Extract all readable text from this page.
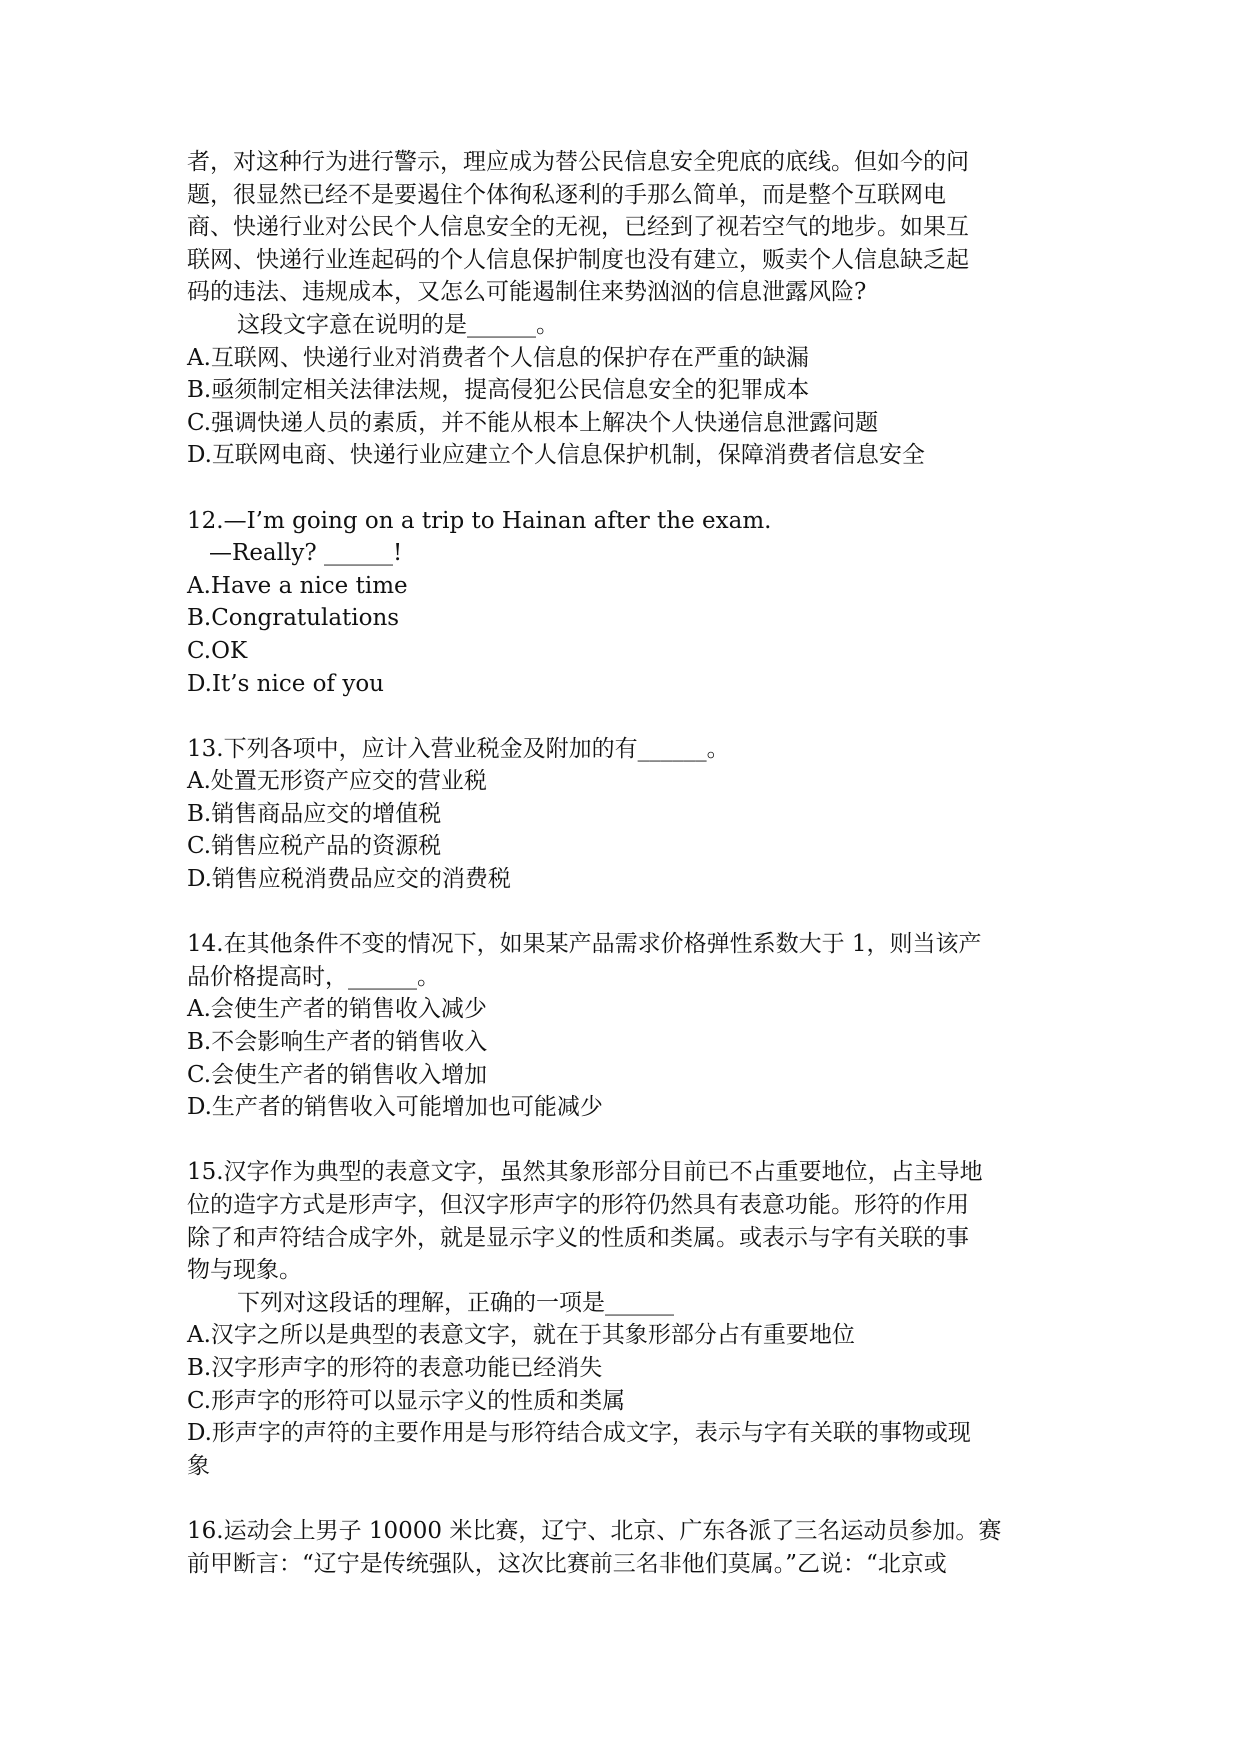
者，对这种行为进行警示，理应成为替公民信息安全兜底的底线。但如今的问
题，很显然已经不是要遏住个体徇私逐利的手那么简单，而是整个互联网电
商、快递行业对公民个人信息安全的无视，已经到了视若空气的地步。如果互
联网、快递行业连起码的个人信息保护制度也没有建立，贩卖个人信息缺乏起
码的违法、违规成本，又怎么可能遏制住来势汹汹的信息泄露风险?
这段文字意在说明的是______。
A.互联网、快递行业对消费者个人信息的保护存在严重的缺漏
B.亟须制定相关法律法规，提高侵犯公民信息安全的犯罪成本
C.强调快递人员的素质，并不能从根本上解决个人快递信息泄露问题
D.互联网电商、快递行业应建立个人信息保护机制，保障消费者信息安全
12.—I’m going on a trip to Hainan after the exam.
—Really? ______!
A.Have a nice time
B.Congratulations
C.OK
D.It’s nice of you
13.下列各项中，应计入营业税金及附加的有______。
A.处置无形资产应交的营业税
B.销售商品应交的增值税
C.销售应税产品的资源税
D.销售应税消费品应交的消费税
14.在其他条件不变的情况下，如果某产品需求价格弹性系数大于 1，则当该产
品价格提高时，______。
A.会使生产者的销售收入减少
B.不会影响生产者的销售收入
C.会使生产者的销售收入增加
D.生产者的销售收入可能增加也可能减少
15.汉字作为典型的表意文字，虽然其象形部分目前已不占重要地位，占主导地
位的造字方式是形声字，但汉字形声字的形符仍然具有表意功能。形符的作用
除了和声符结合成字外，就是显示字义的性质和类属。或表示与字有关联的事
物与现象。
下列对这段话的理解，正确的一项是______
A.汉字之所以是典型的表意文字，就在于其象形部分占有重要地位
B.汉字形声字的形符的表意功能已经消失
C.形声字的形符可以显示字义的性质和类属
D.形声字的声符的主要作用是与形符结合成文字，表示与字有关联的事物或现
象
16.运动会上男子 10000 米比赛，辽宁、北京、广东各派了三名运动员参加。赛
前甲断言：“辽宁是传统强队，这次比赛前三名非他们莫属。”乙说：“北京或
